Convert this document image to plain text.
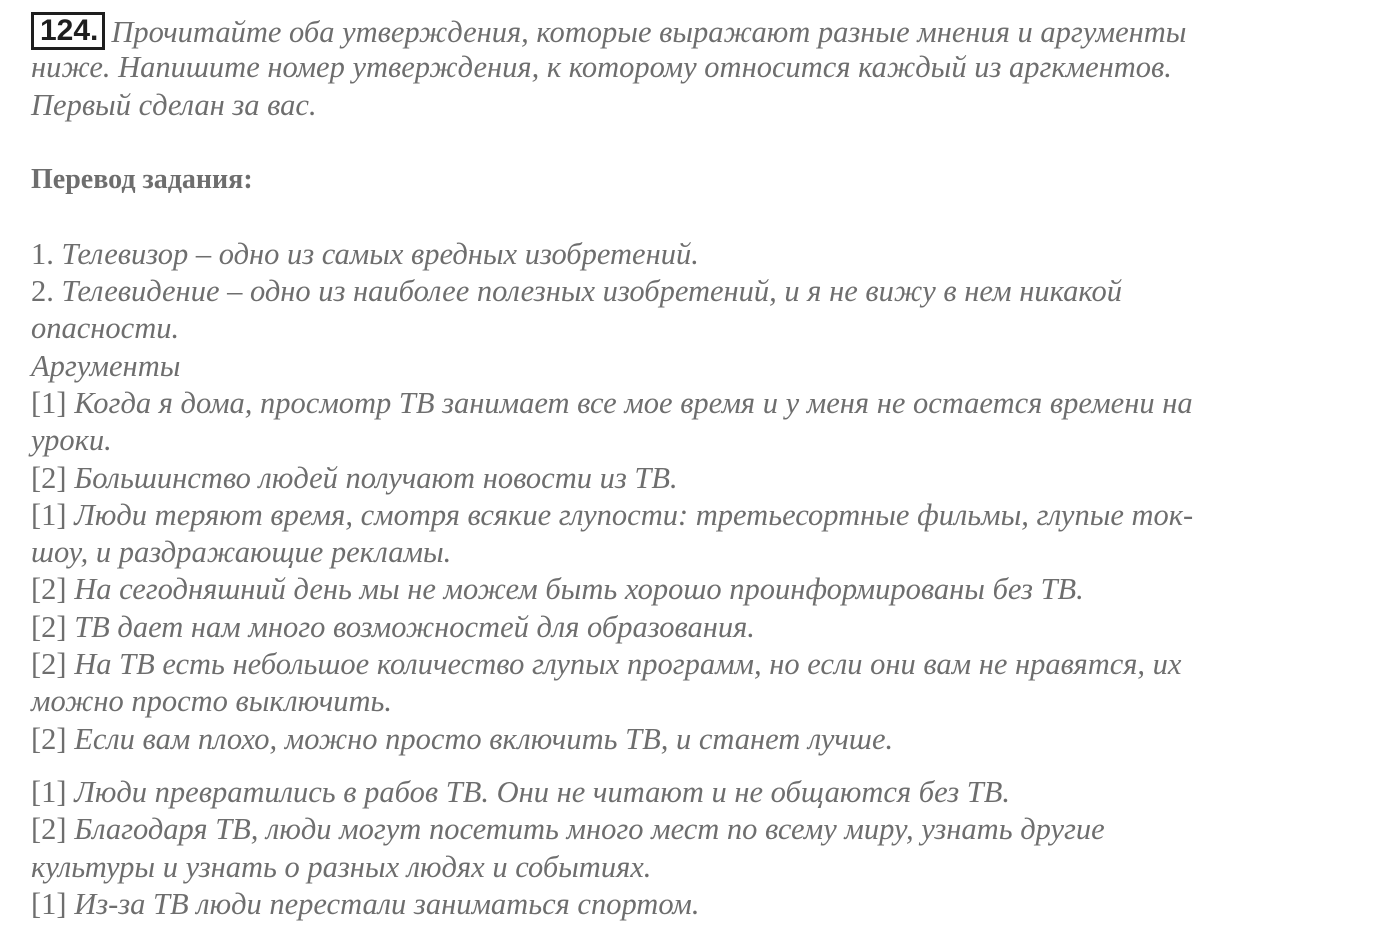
124. Прочитайте оба утверждения, которые выражают разные мнения и аргументы
ниже. Напишите номер утверждения, к которому относится каждый из аргкментов.
Первый сделан за вас.
Перевод задания:
1. Телевизор – одно из самых вредных изобретений.
2. Телевидение – одно из наиболее полезных изобретений, и я не вижу в нем никакой
опасности.
Аргументы
[1] Когда я дома, просмотр ТВ занимает все мое время и у меня не остается времени на
уроки.
[2] Большинство людей получают новости из ТВ.
[1] Люди теряют время, смотря всякие глупости: третьесортные фильмы, глупые ток-
шоу, и раздражающие рекламы.
[2] На сегодняшний день мы не можем быть хорошо проинформированы без ТВ.
[2] ТВ дает нам много возможностей для образования.
[2] На ТВ есть небольшое количество глупых программ, но если они вам не нравятся, их
можно просто выключить.
[2] Если вам плохо, можно просто включить ТВ, и станет лучше.
[1] Люди превратились в рабов ТВ. Они не читают и не общаются без ТВ.
[2] Благодаря ТВ, люди могут посетить много мест по всему миру, узнать другие
культуры и узнать о разных людях и событиях.
[1] Из-за ТВ люди перестали заниматься спортом.
